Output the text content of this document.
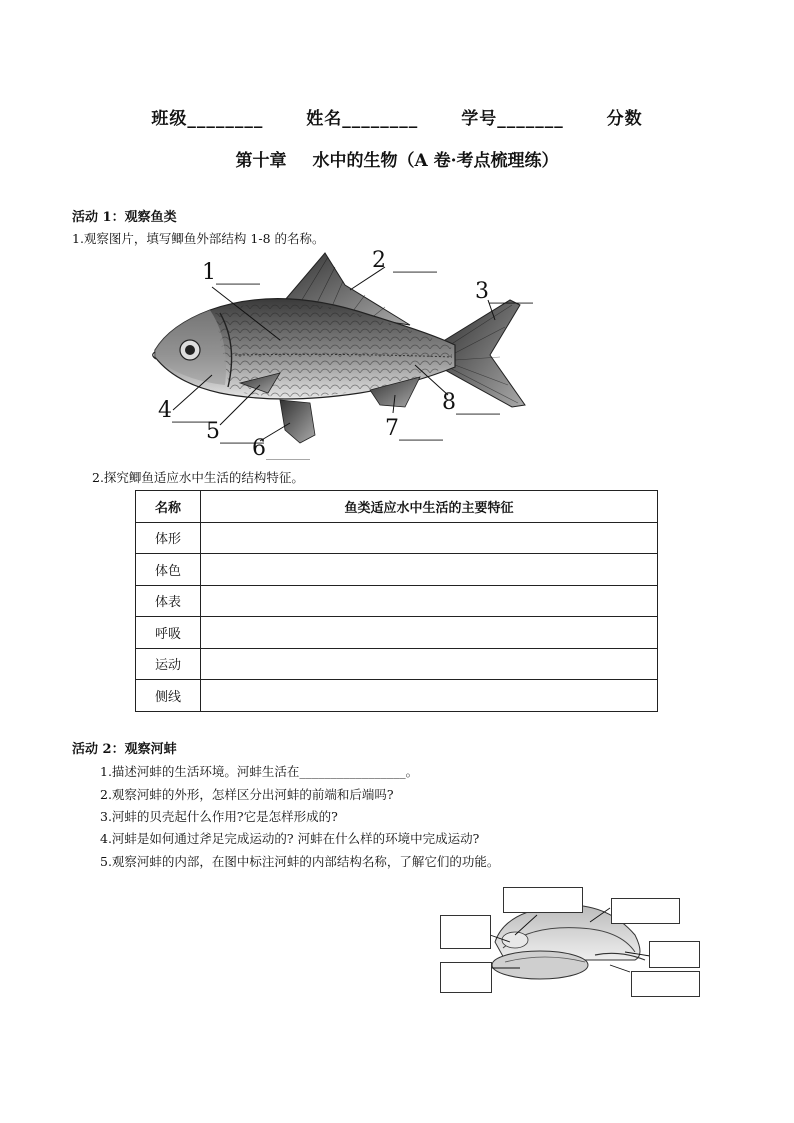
班级________	姓名________	学号_______	分数
第十章 水中的生物（A 卷·考点梳理练）
活动 1：观察鱼类
1.观察图片，填写鲫鱼外部结构 1-8 的名称。
1____	2 ____
3____
4____
5____
6____
7____
8____
2.探究鲫鱼适应水中生活的结构特征。
名称	鱼类适应水中生活的主要特征
体形	
体色	
体表	
呼吸	
运动	
侧线	
活动 2：观察河蚌
1.描述河蚌的生活环境。河蚌生活在_________________。
2.观察河蚌的外形，怎样区分出河蚌的前端和后端吗?
3.河蚌的贝壳起什么作用?它是怎样形成的?
4.河蚌是如何通过斧足完成运动的? 河蚌在什么样的环境中完成运动?
5.观察河蚌的内部，在图中标注河蚌的内部结构名称，了解它们的功能。
